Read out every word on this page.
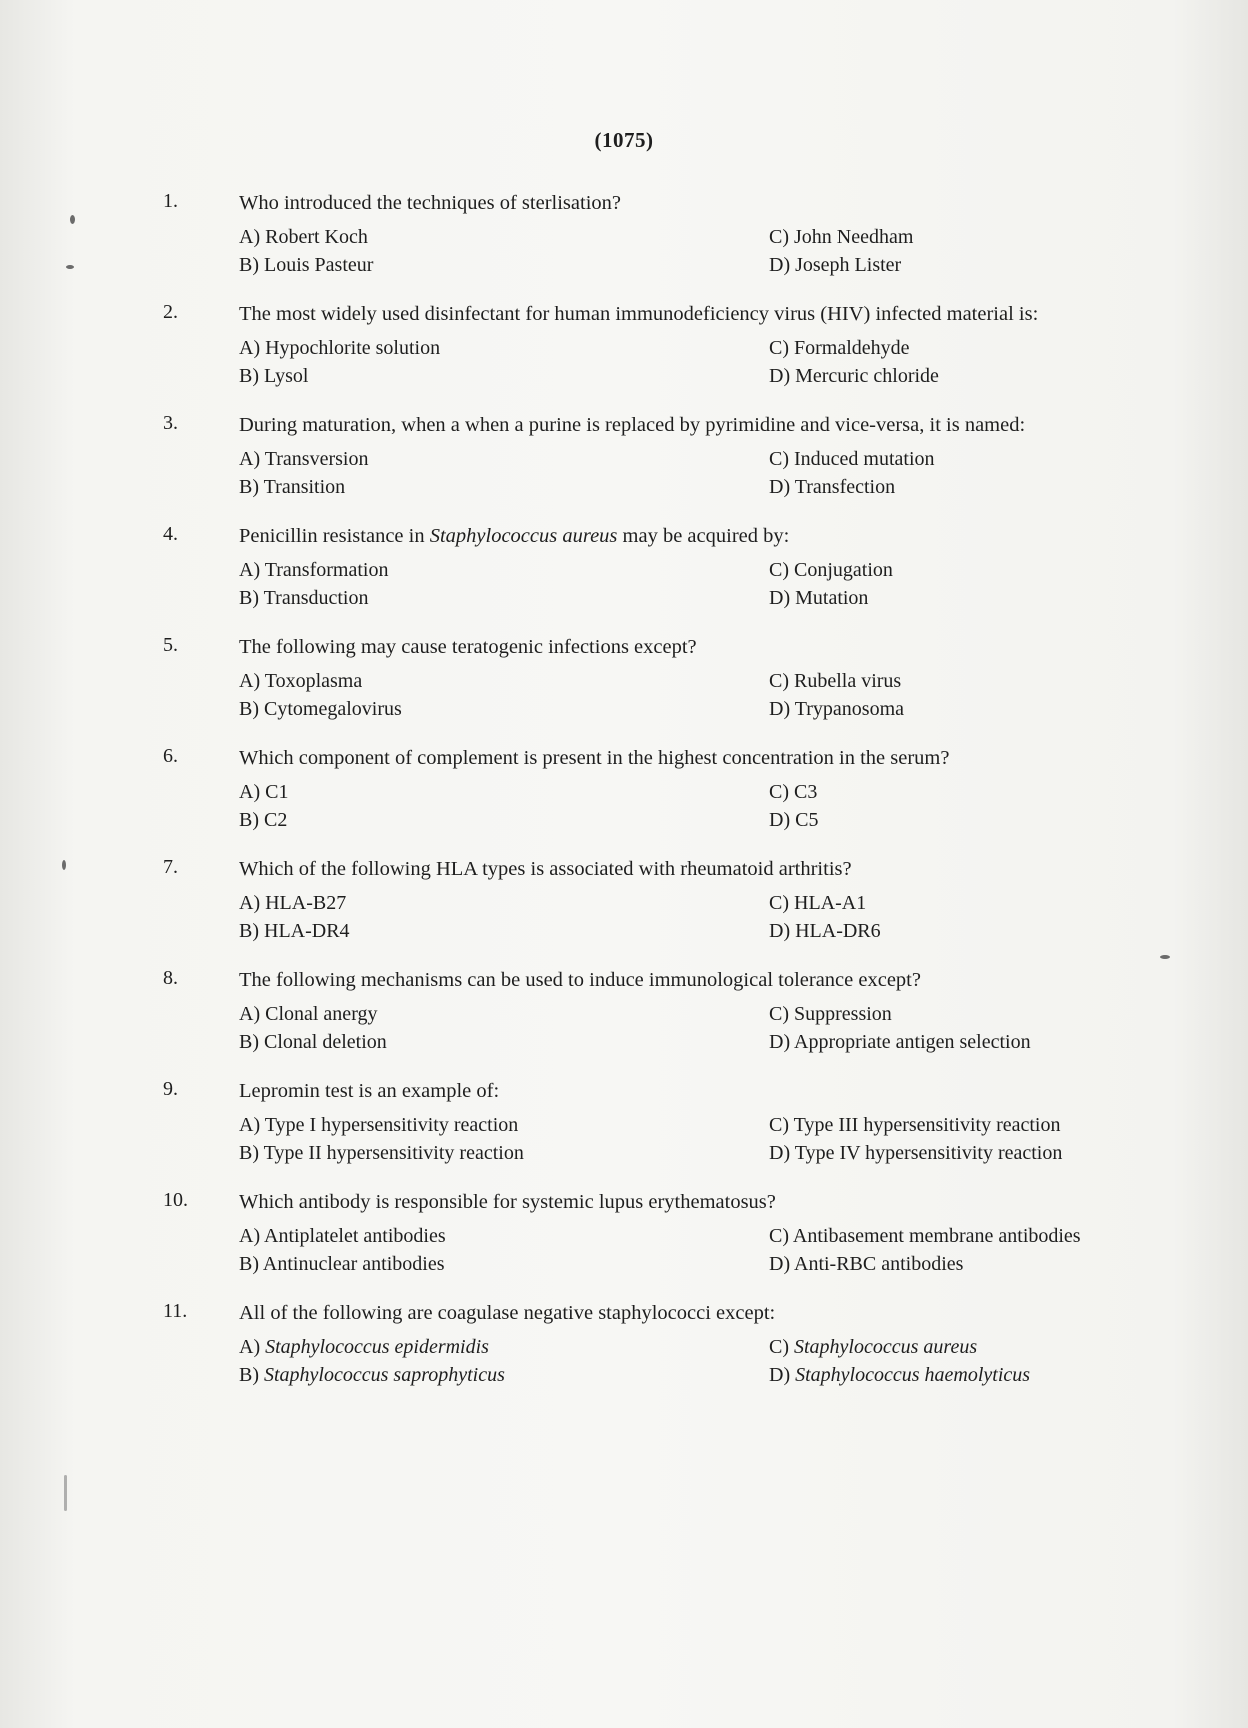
(1075)
1.	Who introduced the techniques of sterlisation?
A) Robert Koch
B) Louis Pasteur
C) John Needham
D) Joseph Lister
2.	The most widely used disinfectant for human immunodeficiency virus (HIV) infected material is:
A) Hypochlorite solution
B) Lysol
C) Formaldehyde
D) Mercuric chloride
3.	During maturation, when a when a purine is replaced by pyrimidine and vice-versa, it is named:
A) Transversion
B) Transition
C) Induced mutation
D) Transfection
4.	Penicillin resistance in Staphylococcus aureus may be acquired by:
A) Transformation
B) Transduction
C) Conjugation
D) Mutation
5.	The following may cause teratogenic infections except?
A) Toxoplasma
B) Cytomegalovirus
C) Rubella virus
D) Trypanosoma
6.	Which component of complement is present in the highest concentration in the serum?
A) C1
B) C2
C) C3
D) C5
7.	Which of the following HLA types is associated with rheumatoid arthritis?
A) HLA-B27
B) HLA-DR4
C) HLA-A1
D) HLA-DR6
8.	The following mechanisms can be used to induce immunological tolerance except?
A) Clonal anergy
B) Clonal deletion
C) Suppression
D) Appropriate antigen selection
9.	Lepromin test is an example of:
A) Type I hypersensitivity reaction
B) Type II hypersensitivity reaction
C) Type III hypersensitivity reaction
D) Type IV hypersensitivity reaction
10.	Which antibody is responsible for systemic lupus erythematosus?
A) Antiplatelet antibodies
B) Antinuclear antibodies
C) Antibasement membrane antibodies
D) Anti-RBC antibodies
11.	All of the following are coagulase negative staphylococci except:
A) Staphylococcus epidermidis
B) Staphylococcus saprophyticus
C) Staphylococcus aureus
D) Staphylococcus haemolyticus
